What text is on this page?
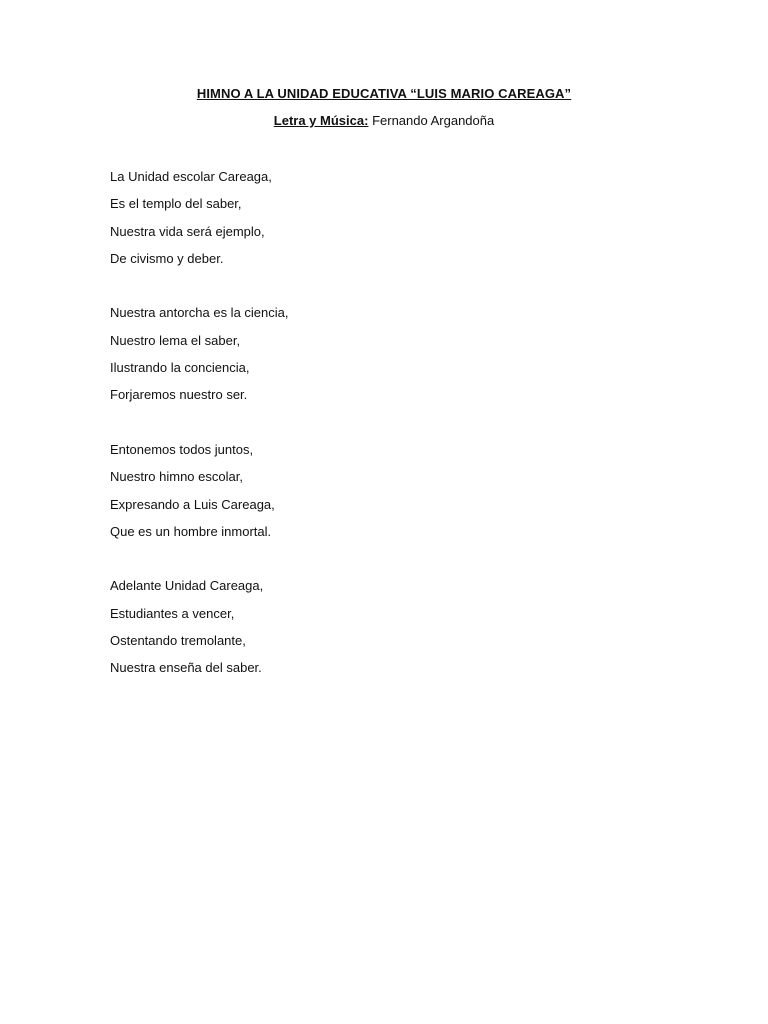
HIMNO A LA UNIDAD EDUCATIVA “LUIS MARIO CAREAGA”
Letra y Música: Fernando Argandoña
La Unidad escolar Careaga,
Es el templo del saber,
Nuestra vida será ejemplo,
De civismo y deber.
Nuestra antorcha es la ciencia,
Nuestro lema el saber,
Ilustrando la conciencia,
Forjaremos nuestro ser.
Entonemos todos juntos,
Nuestro himno escolar,
Expresando a Luis Careaga,
Que es un hombre inmortal.
Adelante Unidad Careaga,
Estudiantes a vencer,
Ostentando tremolante,
Nuestra enseña del saber.
